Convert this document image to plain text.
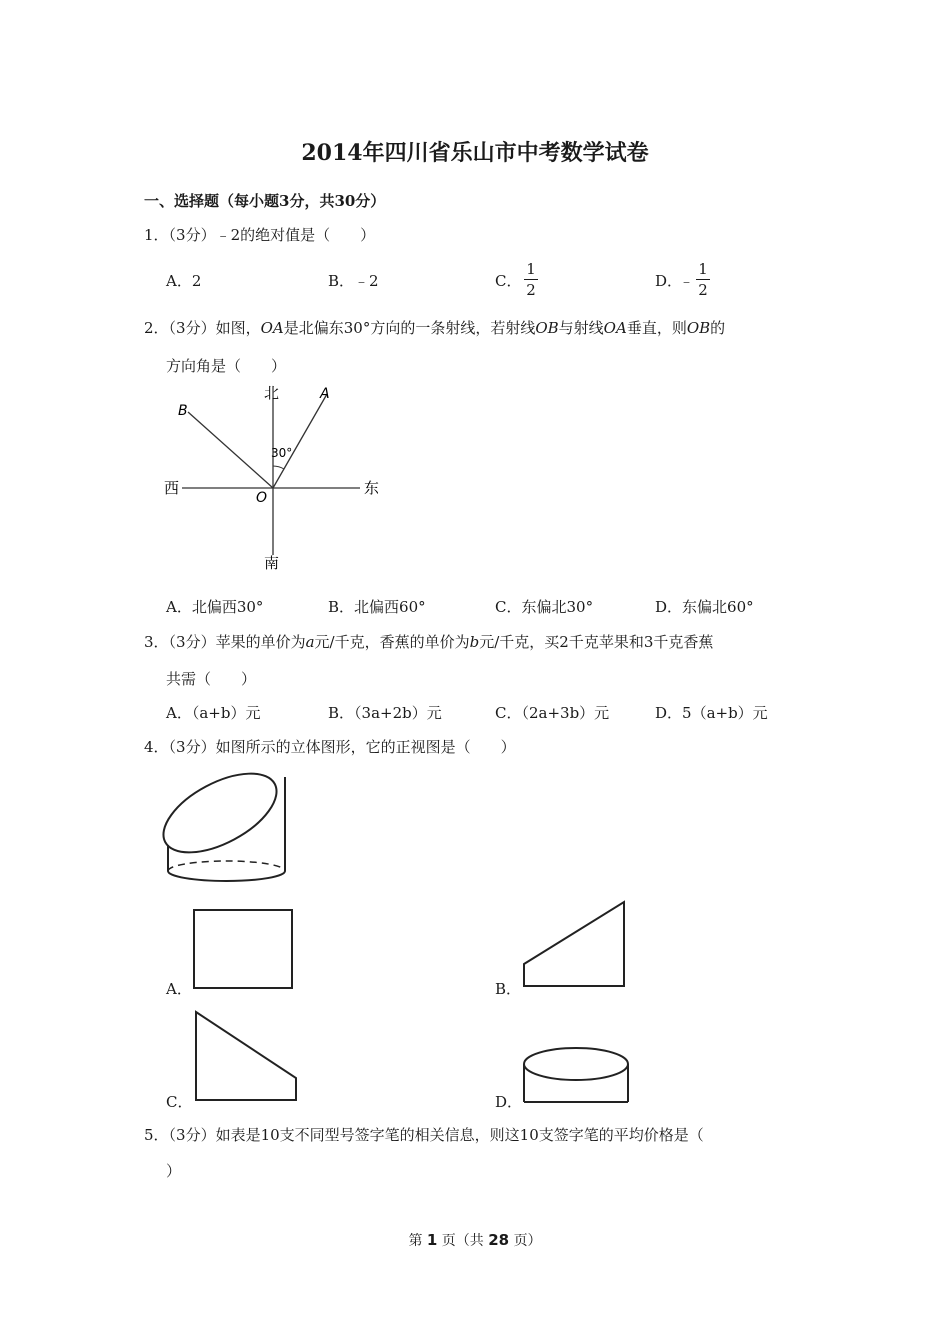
2014年四川省乐山市中考数学试卷
一、选择题（每小题3分，共30分）
1．（3分）﹣2的绝对值是（　　）
A．2	B．﹣2	C．
1
2	D．
﹣
1
2
2．（3分）如图，OA是北偏东30°方向的一条射线，若射线OB与射线OA垂直，则OB的
方向角是（　　）
北
南
西	东
A
B
O
30°
A．北偏西30°	B．北偏西60°	C．东偏北30°	D．东偏北60°
3．（3分）苹果的单价为a元/千克，香蕉的单价为b元/千克，买2千克苹果和3千克香蕉
共需（　　）
A．（a+b）元	B．（3a+2b）元	C．（2a+3b）元	D．5（a+b）元
4．（3分）如图所示的立体图形，它的正视图是（　　）
A．	B．
C．	D．
5．（3分）如表是10支不同型号签字笔的相关信息，则这10支签字笔的平均价格是（
）
第 1 页（共 28 页）
